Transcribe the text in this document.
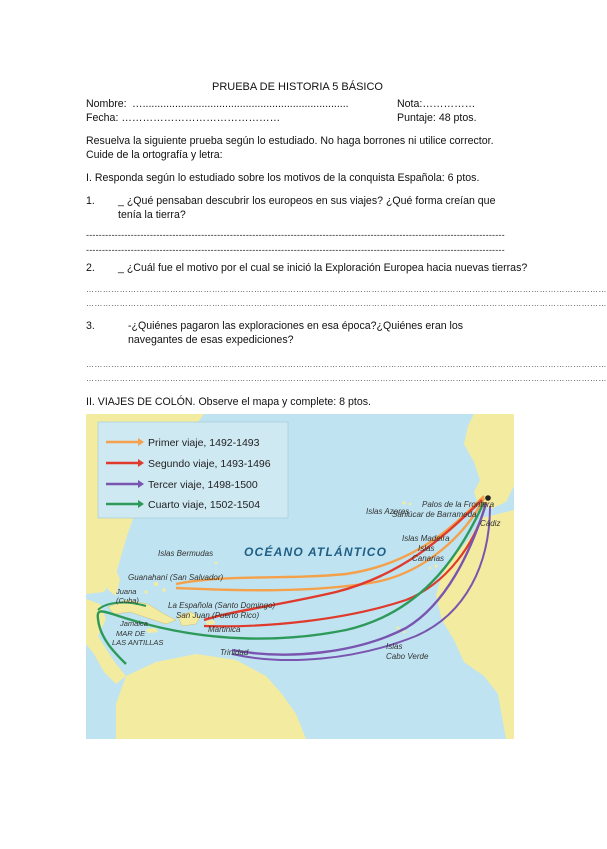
PRUEBA DE HISTORIA 5 BÁSICO
Nombre: …......................................................................	Nota:……………
Fecha: ………………………………………	Puntaje: 48 ptos.
Resuelva la siguiente prueba según lo estudiado. No haga borrones ni utilice corrector. Cuide de la ortografía y letra:
I. Responda según lo estudiado sobre los motivos de la conquista Española: 6 ptos.
1. _ ¿Qué pensaban descubrir los europeos en sus viajes? ¿Qué forma creían que tenía la tierra?
-----------------------------------------------------------------------------------------------------------------------------------
-----------------------------------------------------------------------------------------------------------------------------------
2. _ ¿Cuál fue el motivo por el cual se inició la Exploración Europea hacia nuevas tierras?
……………………………………………………………………………………………………………………………………………………………………
……………………………………………………………………………………………………………………………………………………………………
3.	-¿Quiénes pagaron las exploraciones en esa época?¿Quiénes eran los navegantes de esas expediciones?
……………………………………………………………………………………………………………………………………………………………………
……………………………………………………………………………………………………………………………………………………………………
II. VIAJES DE COLÓN. Observe el mapa y complete: 8 ptos.
Primer viaje, 1492-1493
Segundo viaje, 1493-1496
Tercer viaje, 1498-1500
Cuarto viaje, 1502-1504
OCÉANO ATLÁNTICO
Islas Azores
Palos de la Frontera
Sanlúcar de Barrameda
Cádiz
Islas Madeira
Islas
Canarias
Islas Bermudas
Guanahaní (San Salvador)
Juana
(Cuba)
La Española (Santo Domingo)
San Juan (Puerto Rico)
Jamaica
Martinica
MAR DE
LAS ANTILLAS
Trinidad
Islas
Cabo Verde
